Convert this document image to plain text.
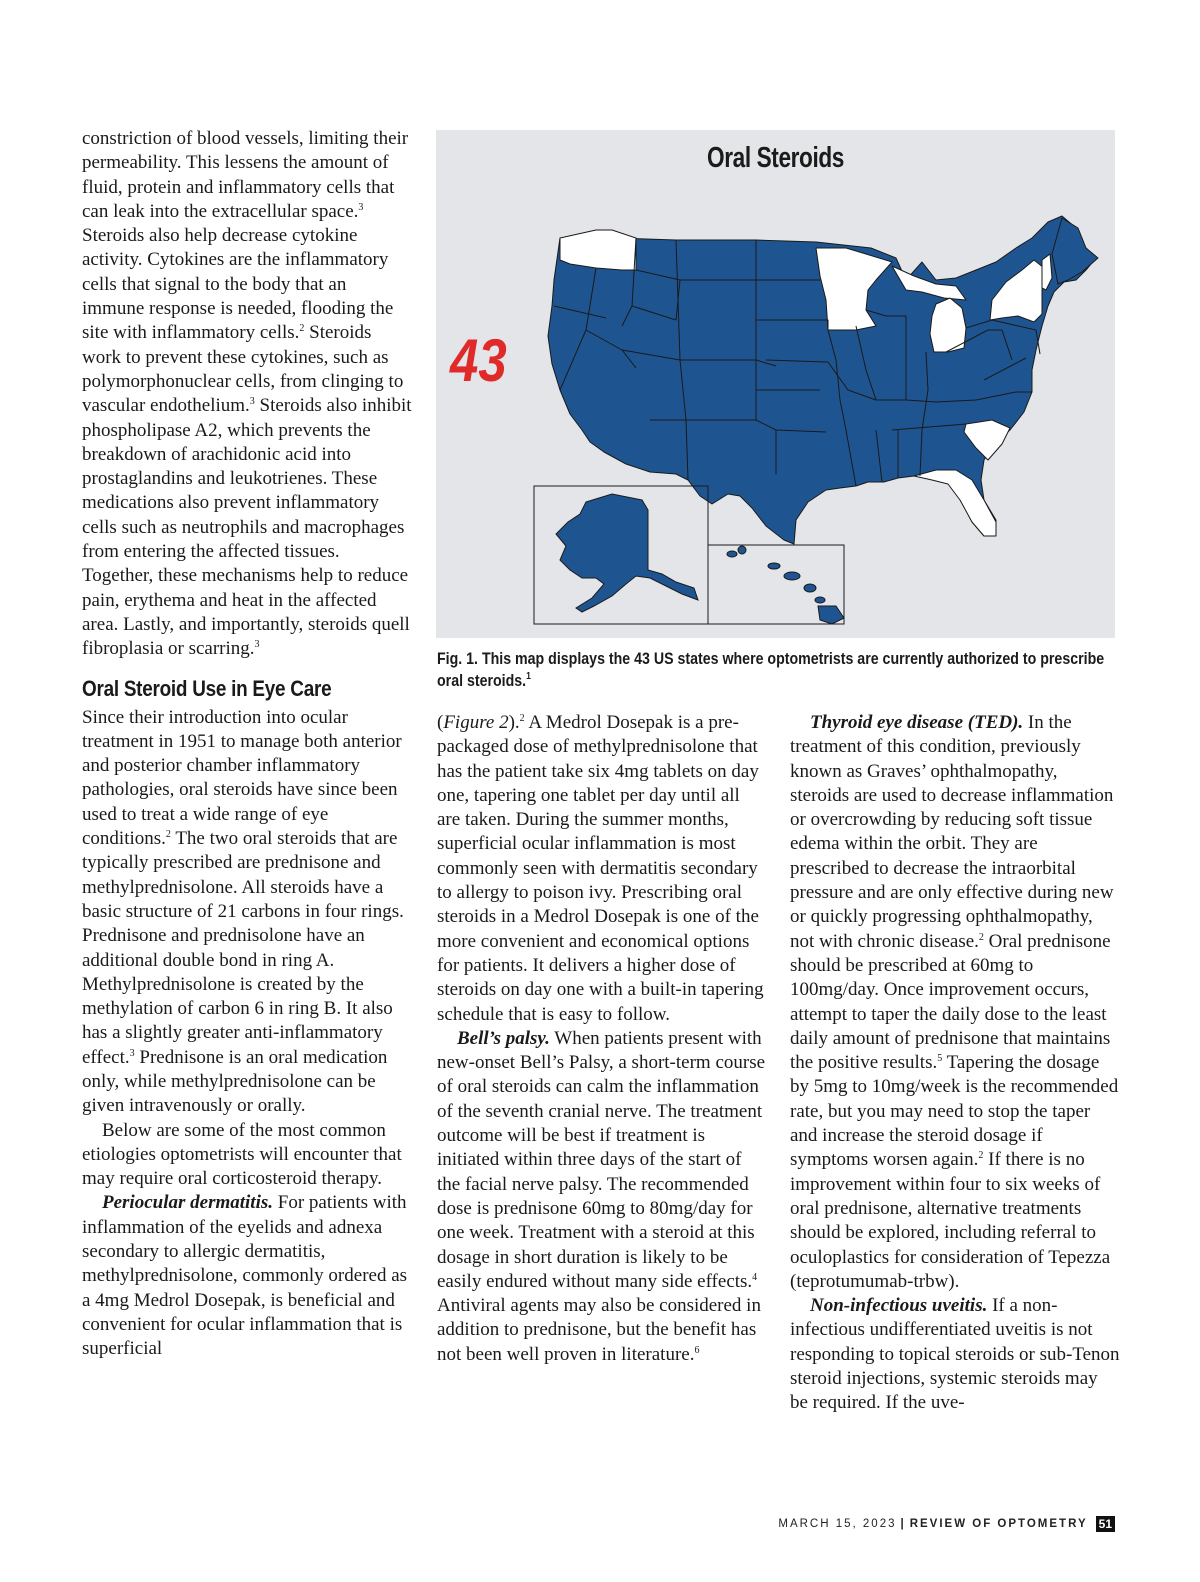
constriction of blood vessels, limiting their permeability. This lessens the amount of fluid, protein and inflammatory cells that can leak into the extracellular space.$^3$ Steroids also help decrease cytokine activity. Cytokines are the inflammatory cells that signal to the body that an immune response is needed, flooding the site with inflammatory cells.$^2$ Steroids work to prevent these cytokines, such as polymorphonuclear cells, from clinging to vascular endothelium.$^3$ Steroids also inhibit phospholipase A2, which prevents the breakdown of arachidonic acid into prostaglandins and leukotrienes. These medications also prevent inflammatory cells such as neutrophils and macrophages from entering the affected tissues. Together, these mechanisms help to reduce pain, erythema and heat in the affected area. Lastly, and importantly, steroids quell fibroplasia or scarring.$^3$

Oral Steroid Use in Eye Care

Since their introduction into ocular treatment in 1951 to manage both anterior and posterior chamber inflammatory pathologies, oral steroids have since been used to treat a wide range of eye conditions.$^2$ The two oral steroids that are typically prescribed are prednisone and methylprednisolone. All steroids have a basic structure of 21 carbons in four rings. Prednisone and prednisolone have an additional double bond in ring A. Methylprednisolone is created by the methylation of carbon 6 in ring B. It also has a slightly greater anti-inflammatory effect.$^3$ Prednisone is an oral medication only, while methylprednisolone can be given intravenously or orally.

Below are some of the most common etiologies optometrists will encounter that may require oral corticosteroid therapy.

Periocular dermatitis. For patients with inflammation of the eyelids and adnexa secondary to allergic dermatitis, methylprednisolone, commonly ordered as a 4mg Medrol Dosepak, is beneficial and convenient for ocular inflammation that is superficial

Oral Steroids
43
Fig. 1. This map displays the 43 US states where optometrists are currently authorized to prescribe oral steroids.$^1$

(Figure 2).$^2$ A Medrol Dosepak is a pre-packaged dose of methylprednisolone that has the patient take six 4mg tablets on day one, tapering one tablet per day until all are taken. During the summer months, superficial ocular inflammation is most commonly seen with dermatitis secondary to allergy to poison ivy. Prescribing oral steroids in a Medrol Dosepak is one of the more convenient and economical options for patients. It delivers a higher dose of steroids on day one with a built-in tapering schedule that is easy to follow.

Bell’s palsy. When patients present with new-onset Bell’s Palsy, a short-term course of oral steroids can calm the inflammation of the seventh cranial nerve. The treatment outcome will be best if treatment is initiated within three days of the start of the facial nerve palsy. The recommended dose is prednisone 60mg to 80mg/day for one week. Treatment with a steroid at this dosage in short duration is likely to be easily endured without many side effects.$^4$ Antiviral agents may also be considered in addition to prednisone, but the benefit has not been well proven in literature.$^6$

Thyroid eye disease (TED). In the treatment of this condition, previously known as Graves’ ophthalmopathy, steroids are used to decrease inflammation or overcrowding by reducing soft tissue edema within the orbit. They are prescribed to decrease the intraorbital pressure and are only effective during new or quickly progressing ophthalmopathy, not with chronic disease.$^2$ Oral prednisone should be prescribed at 60mg to 100mg/day. Once improvement occurs, attempt to taper the daily dose to the least daily amount of prednisone that maintains the positive results.$^5$ Tapering the dosage by 5mg to 10mg/week is the recommended rate, but you may need to stop the taper and increase the steroid dosage if symptoms worsen again.$^2$ If there is no improvement within four to six weeks of oral prednisone, alternative treatments should be explored, including referral to oculoplastics for consideration of Tepezza (teprotumumab-trbw).

Non-infectious uveitis. If a non-infectious undifferentiated uveitis is not responding to topical steroids or sub-Tenon steroid injections, systemic steroids may be required. If the uve-

MARCH 15, 2023 | REVIEW OF OPTOMETRY 51
